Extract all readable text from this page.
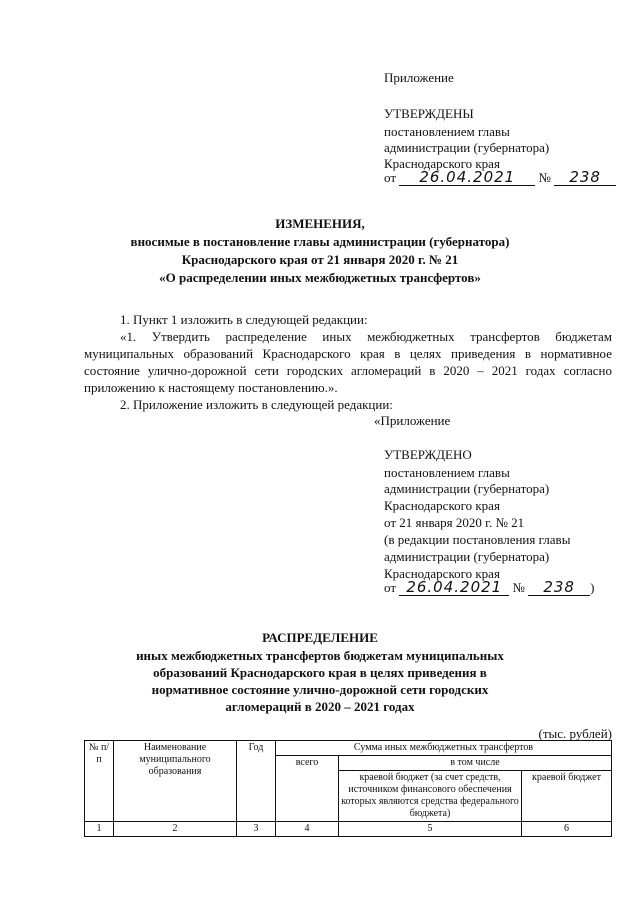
Приложение
УТВЕРЖДЕНЫ
постановлением главы
администрации (губернатора)
Краснодарского края
от 26.04.2021 № 238
ИЗМЕНЕНИЯ,
вносимые в постановление главы администрации (губернатора)
Краснодарского края от 21 января 2020 г. № 21
«О распределении иных межбюджетных трансфертов»
1. Пункт 1 изложить в следующей редакции:
«1. Утвердить распределение иных межбюджетных трансфертов бюджетам муниципальных образований Краснодарского края в целях приведения в нормативное состояние улично-дорожной сети городских агломераций в 2020 – 2021 годах согласно приложению к настоящему постановлению.».
2. Приложение изложить в следующей редакции:
«Приложение
УТВЕРЖДЕНО
постановлением главы
администрации (губернатора)
Краснодарского края
от 21 января 2020 г. № 21
(в редакции постановления главы
администрации (губернатора)
Краснодарского края
от 26.04.2021 № 238 )
РАСПРЕДЕЛЕНИЕ
иных межбюджетных трансфертов бюджетам муниципальных
образований Краснодарского края в целях приведения в
нормативное состояние улично-дорожной сети городских
агломераций в 2020 – 2021 годах
(тыс. рублей)
№ п/п	Наименование муниципального образования	Год	Сумма иных межбюджетных трансфертов		
			всего	в том числе	
				краевой бюджет (за счет средств, источником финансового обеспечения которых являются средства федерального бюджета)	краевой бюджет
1	2	3	4	5	6
